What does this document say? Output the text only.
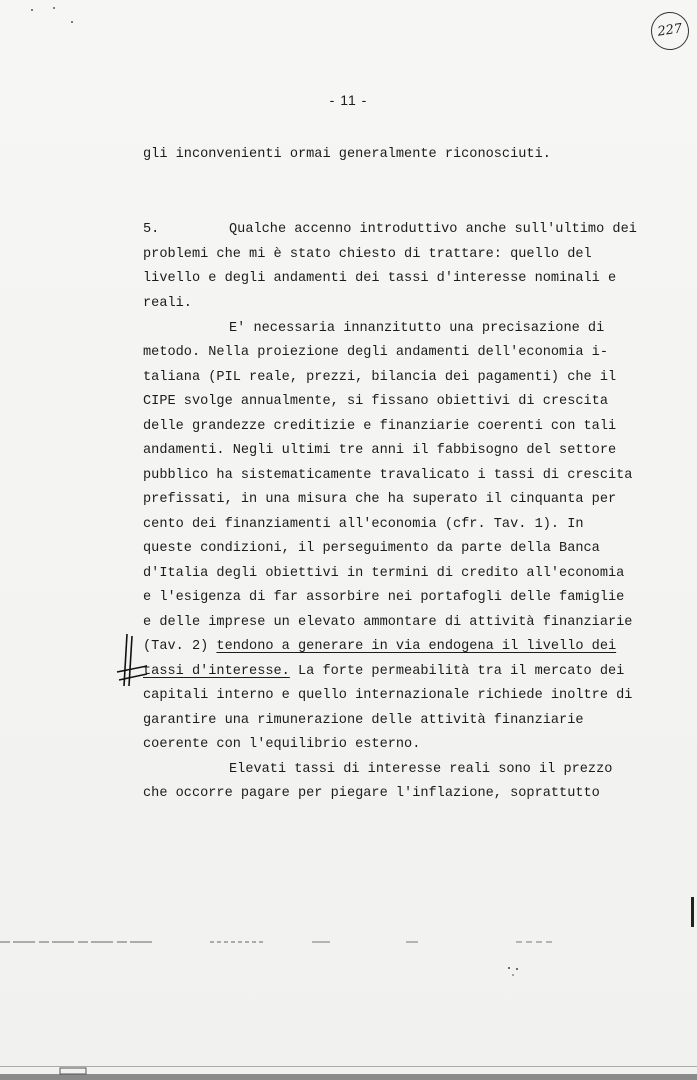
227
- 11 -
gli inconvenienti ormai generalmente riconosciuti.
5.	Qualche accenno introduttivo anche sull'ultimo dei
problemi che mi è stato chiesto di trattare: quello del
livello e degli andamenti dei tassi d'interesse nominali e
reali.
E' necessaria innanzitutto una precisazione di
metodo. Nella proiezione degli andamenti dell'economia i-
taliana (PIL reale, prezzi, bilancia dei pagamenti) che il
CIPE svolge annualmente, si fissano obiettivi di crescita
delle grandezze creditizie e finanziarie coerenti con tali
andamenti. Negli ultimi tre anni il fabbisogno del settore
pubblico ha sistematicamente travalicato i tassi di crescita
prefissati, in una misura che ha superato il cinquanta per
cento dei finanziamenti all'economia (cfr. Tav. 1). In
queste condizioni, il perseguimento da parte della Banca
d'Italia degli obiettivi in termini di credito all'economia
e l'esigenza di far assorbire nei portafogli delle famiglie
e delle imprese un elevato ammontare di attività finanziarie
(Tav. 2) tendono a generare in via endogena il livello dei
tassi d'interesse. La forte permeabilità tra il mercato dei
capitali interno e quello internazionale richiede inoltre di
garantire una rimunerazione delle attività finanziarie
coerente con l'equilibrio esterno.
Elevati tassi di interesse reali sono il prezzo
che occorre pagare per piegare l'inflazione, soprattutto
